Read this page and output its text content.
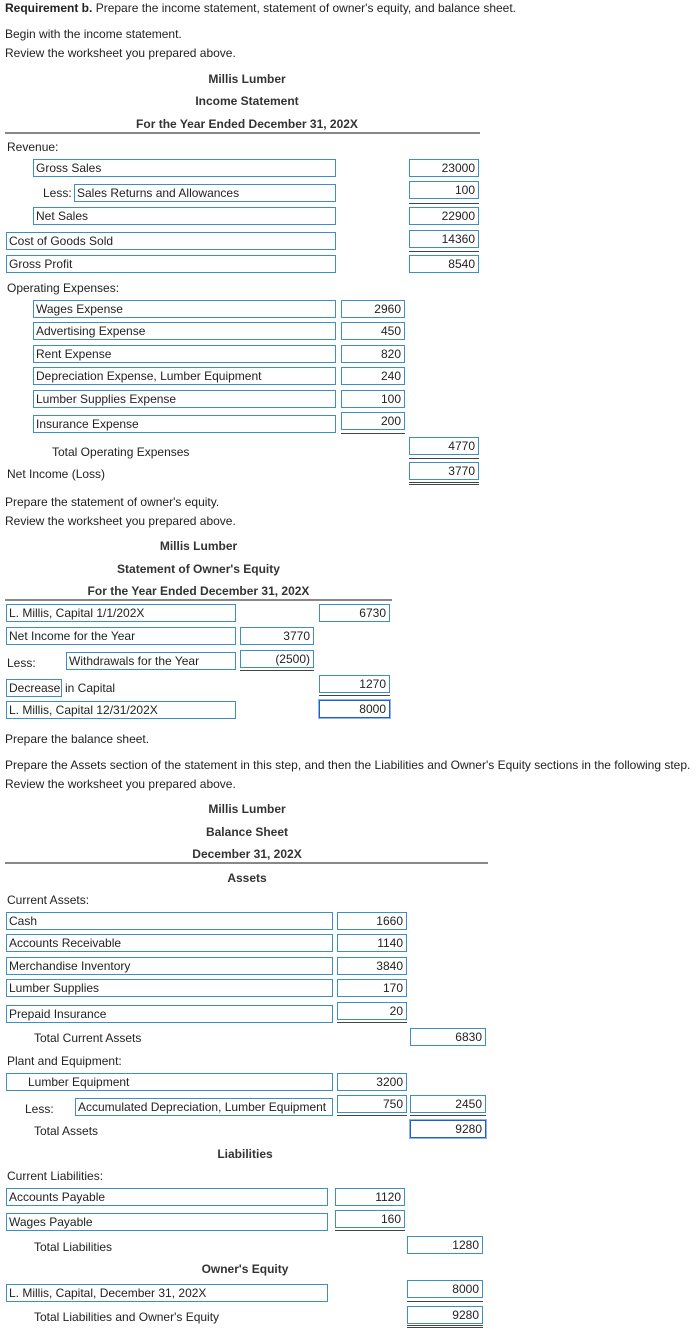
Requirement b. Prepare the income statement, statement of owner's equity, and balance sheet.
Begin with the income statement.
Review the worksheet you prepared above.
Millis Lumber
Income Statement
For the Year Ended December 31, 202X
Revenue:
Gross Sales	23000
Less: Sales Returns and Allowances	100
Net Sales	22900
Cost of Goods Sold	14360
Gross Profit	8540
Operating Expenses:
Wages Expense	2960
Advertising Expense	450
Rent Expense	820
Depreciation Expense, Lumber Equipment	240
Lumber Supplies Expense	100
Insurance Expense	200
Total Operating Expenses	4770
Net Income (Loss)	3770
Prepare the statement of owner's equity.
Review the worksheet you prepared above.
Millis Lumber
Statement of Owner's Equity
For the Year Ended December 31, 202X
L. Millis, Capital 1/1/202X	6730
Net Income for the Year	3770
Less:	Withdrawals for the Year	(2500)
Decrease in Capital	1270
L. Millis, Capital 12/31/202X	8000
Prepare the balance sheet.
Prepare the Assets section of the statement in this step, and then the Liabilities and Owner's Equity sections in the following step.
Review the worksheet you prepared above.
Millis Lumber
Balance Sheet
December 31, 202X
Assets
Current Assets:
Cash	1660
Accounts Receivable	1140
Merchandise Inventory	3840
Lumber Supplies	170
Prepaid Insurance	20
Total Current Assets	6830
Plant and Equipment:
Lumber Equipment	3200
Less: Accumulated Depreciation, Lumber Equipment	750	2450
Total Assets	9280
Liabilities
Current Liabilities:
Accounts Payable	1120
Wages Payable	160
Total Liabilities	1280
Owner's Equity
L. Millis, Capital, December 31, 202X	8000
Total Liabilities and Owner's Equity	9280
